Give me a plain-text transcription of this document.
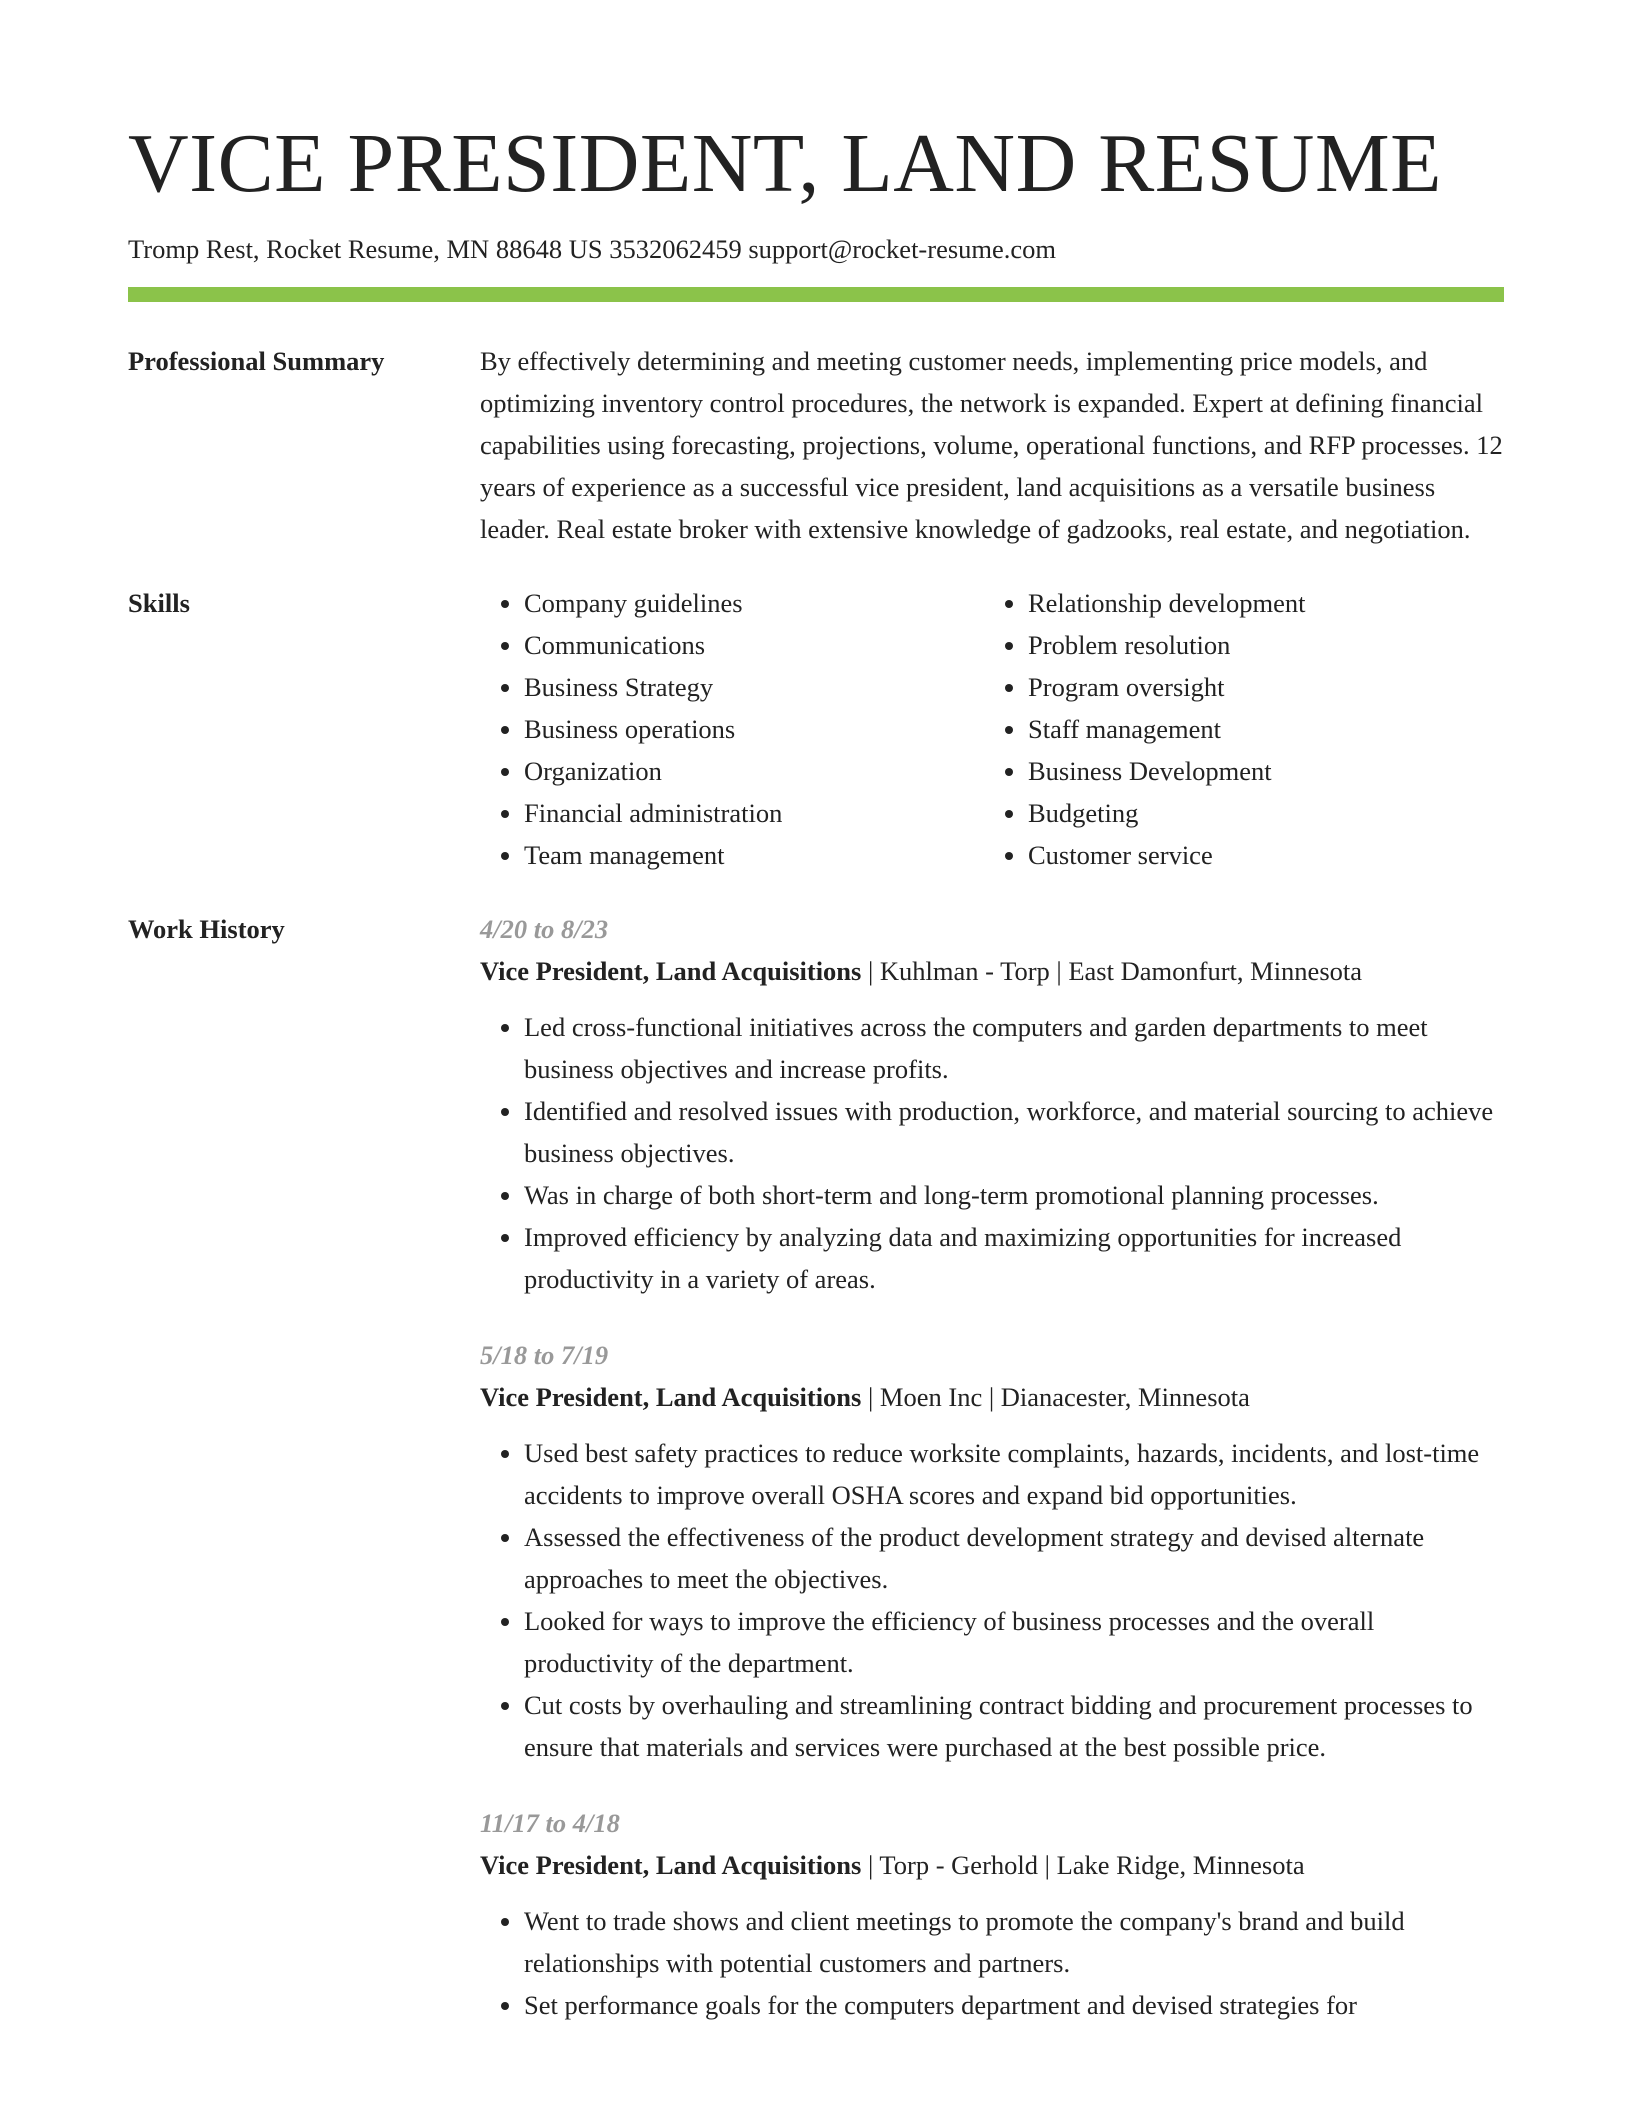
VICE PRESIDENT, LAND RESUME
Tromp Rest, Rocket Resume, MN 88648 US 3532062459 support@rocket-resume.com
Professional Summary	By effectively determining and meeting customer needs, implementing price models, and optimizing inventory control procedures, the network is expanded. Expert at defining financial capabilities using forecasting, projections, volume, operational functions, and RFP processes. 12 years of experience as a successful vice president, land acquisitions as a versatile business leader. Real estate broker with extensive knowledge of gadzooks, real estate, and negotiation.

Skills
•	Company guidelines
• Communications
• Business Strategy
• Business operations
• Organization
• Financial administration
• Team management
• Relationship development
• Problem resolution
• Program oversight
• Staff management
• Business Development
• Budgeting
• Customer service
Work History	4/20 to 8/23
Vice President, Land Acquisitions | Kuhlman - Torp | East Damonfurt, Minnesota
• Led cross-functional initiatives across the computers and garden departments to meet business objectives and increase profits.
• Identified and resolved issues with production, workforce, and material sourcing to achieve business objectives.
• Was in charge of both short-term and long-term promotional planning processes.
• Improved efficiency by analyzing data and maximizing opportunities for increased productivity in a variety of areas.
5/18 to 7/19
Vice President, Land Acquisitions | Moen Inc | Dianacester, Minnesota
• Used best safety practices to reduce worksite complaints, hazards, incidents, and lost-time accidents to improve overall OSHA scores and expand bid opportunities.
• Assessed the effectiveness of the product development strategy and devised alternate approaches to meet the objectives.
• Looked for ways to improve the efficiency of business processes and the overall productivity of the department.
• Cut costs by overhauling and streamlining contract bidding and procurement processes to ensure that materials and services were purchased at the best possible price.
11/17 to 4/18
Vice President, Land Acquisitions | Torp - Gerhold | Lake Ridge, Minnesota
• Went to trade shows and client meetings to promote the company's brand and build relationships with potential customers and partners.
• Set performance goals for the computers department and devised strategies for
